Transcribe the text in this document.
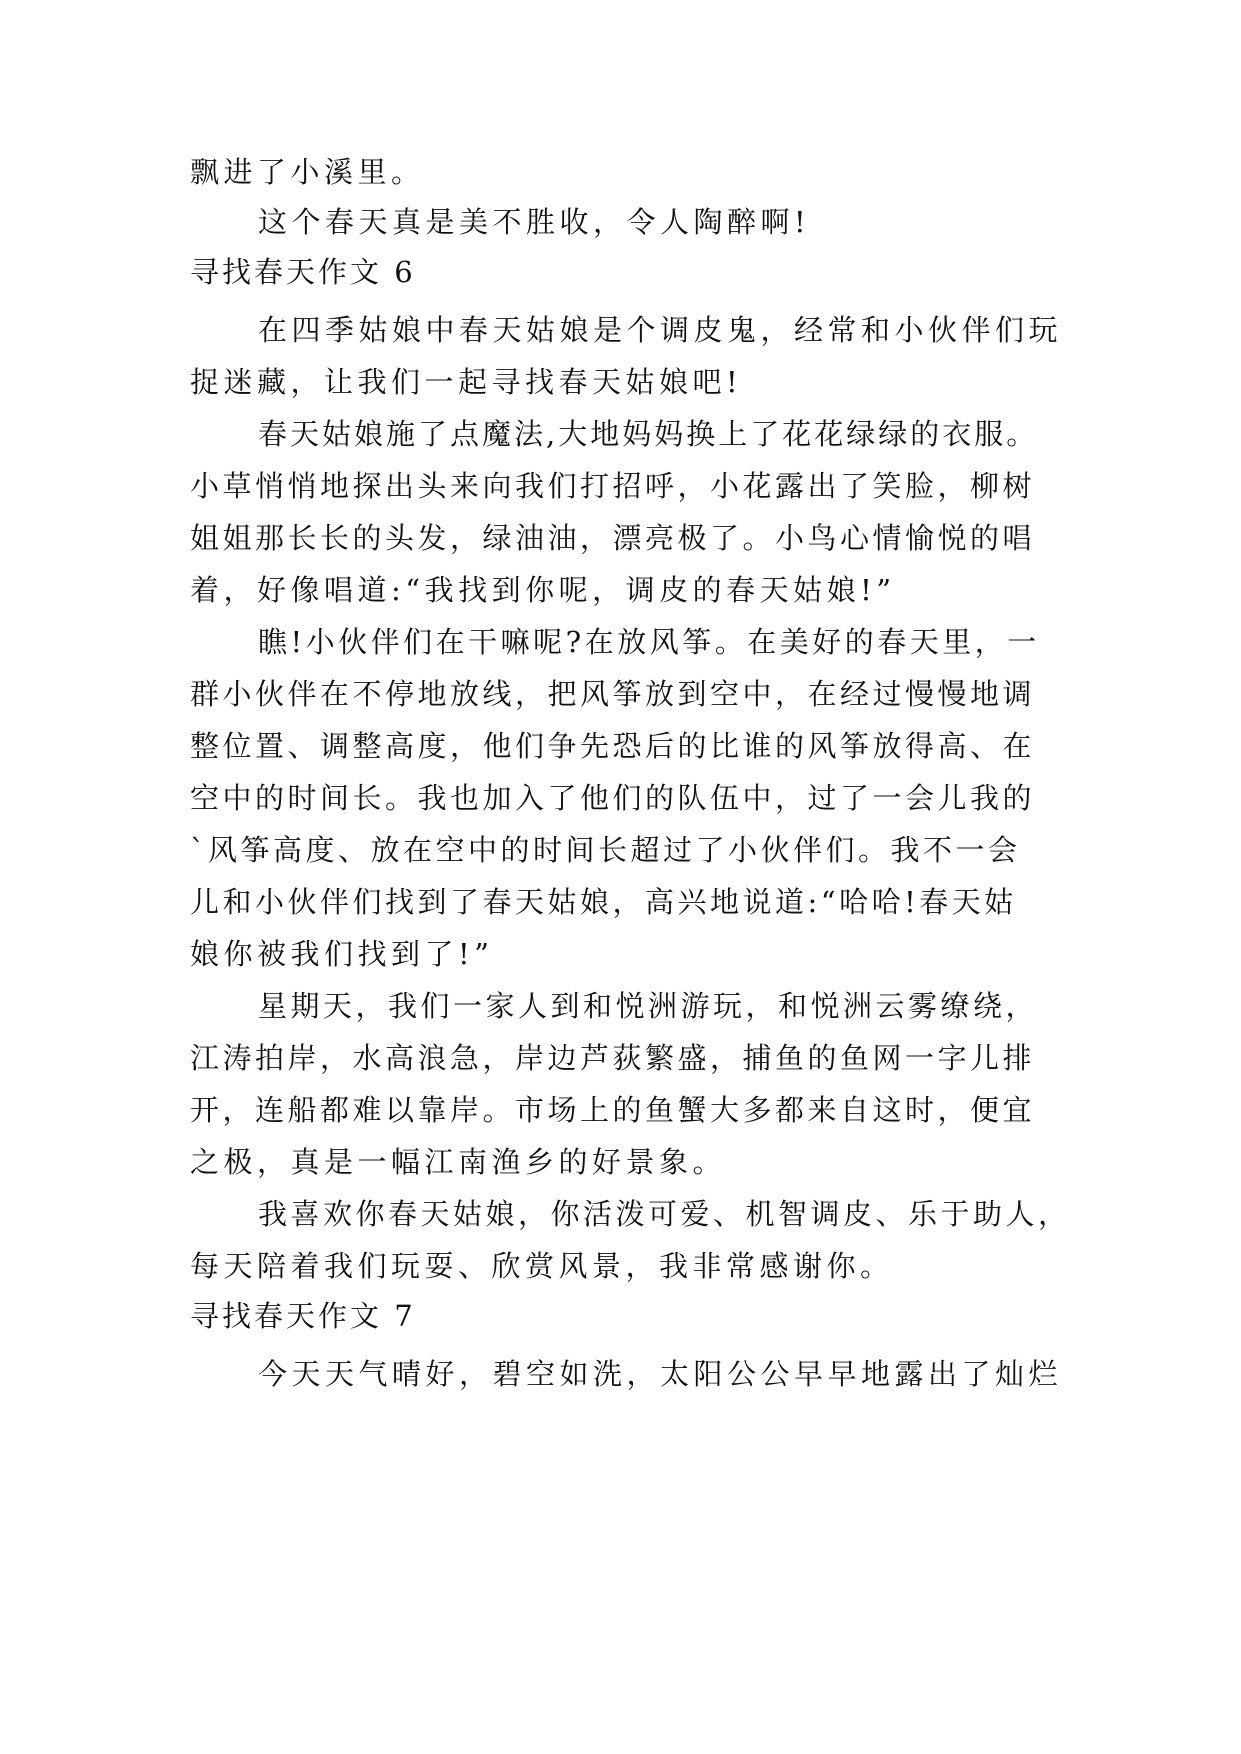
飘进了小溪里。
这个春天真是美不胜收，令人陶醉啊!
寻找春天作文 6
在四季姑娘中春天姑娘是个调皮鬼，经常和小伙伴们玩
捉迷藏，让我们一起寻找春天姑娘吧!
春天姑娘施了点魔法,大地妈妈换上了花花绿绿的衣服。
小草悄悄地探出头来向我们打招呼，小花露出了笑脸，柳树
姐姐那长长的头发，绿油油，漂亮极了。小鸟心情愉悦的唱
着，好像唱道:“我找到你呢，调皮的春天姑娘!”
瞧!小伙伴们在干嘛呢?在放风筝。在美好的春天里，一
群小伙伴在不停地放线，把风筝放到空中，在经过慢慢地调
整位置、调整高度，他们争先恐后的比谁的风筝放得高、在
空中的时间长。我也加入了他们的队伍中，过了一会儿我的
`风筝高度、放在空中的时间长超过了小伙伴们。我不一会
儿和小伙伴们找到了春天姑娘，高兴地说道:“哈哈!春天姑
娘你被我们找到了!”
星期天，我们一家人到和悦洲游玩，和悦洲云雾缭绕，
江涛拍岸，水高浪急，岸边芦荻繁盛，捕鱼的鱼网一字儿排
开，连船都难以靠岸。市场上的鱼蟹大多都来自这时，便宜
之极，真是一幅江南渔乡的好景象。
我喜欢你春天姑娘，你活泼可爱、机智调皮、乐于助人，
每天陪着我们玩耍、欣赏风景，我非常感谢你。
寻找春天作文 7
今天天气晴好，碧空如洗，太阳公公早早地露出了灿烂
